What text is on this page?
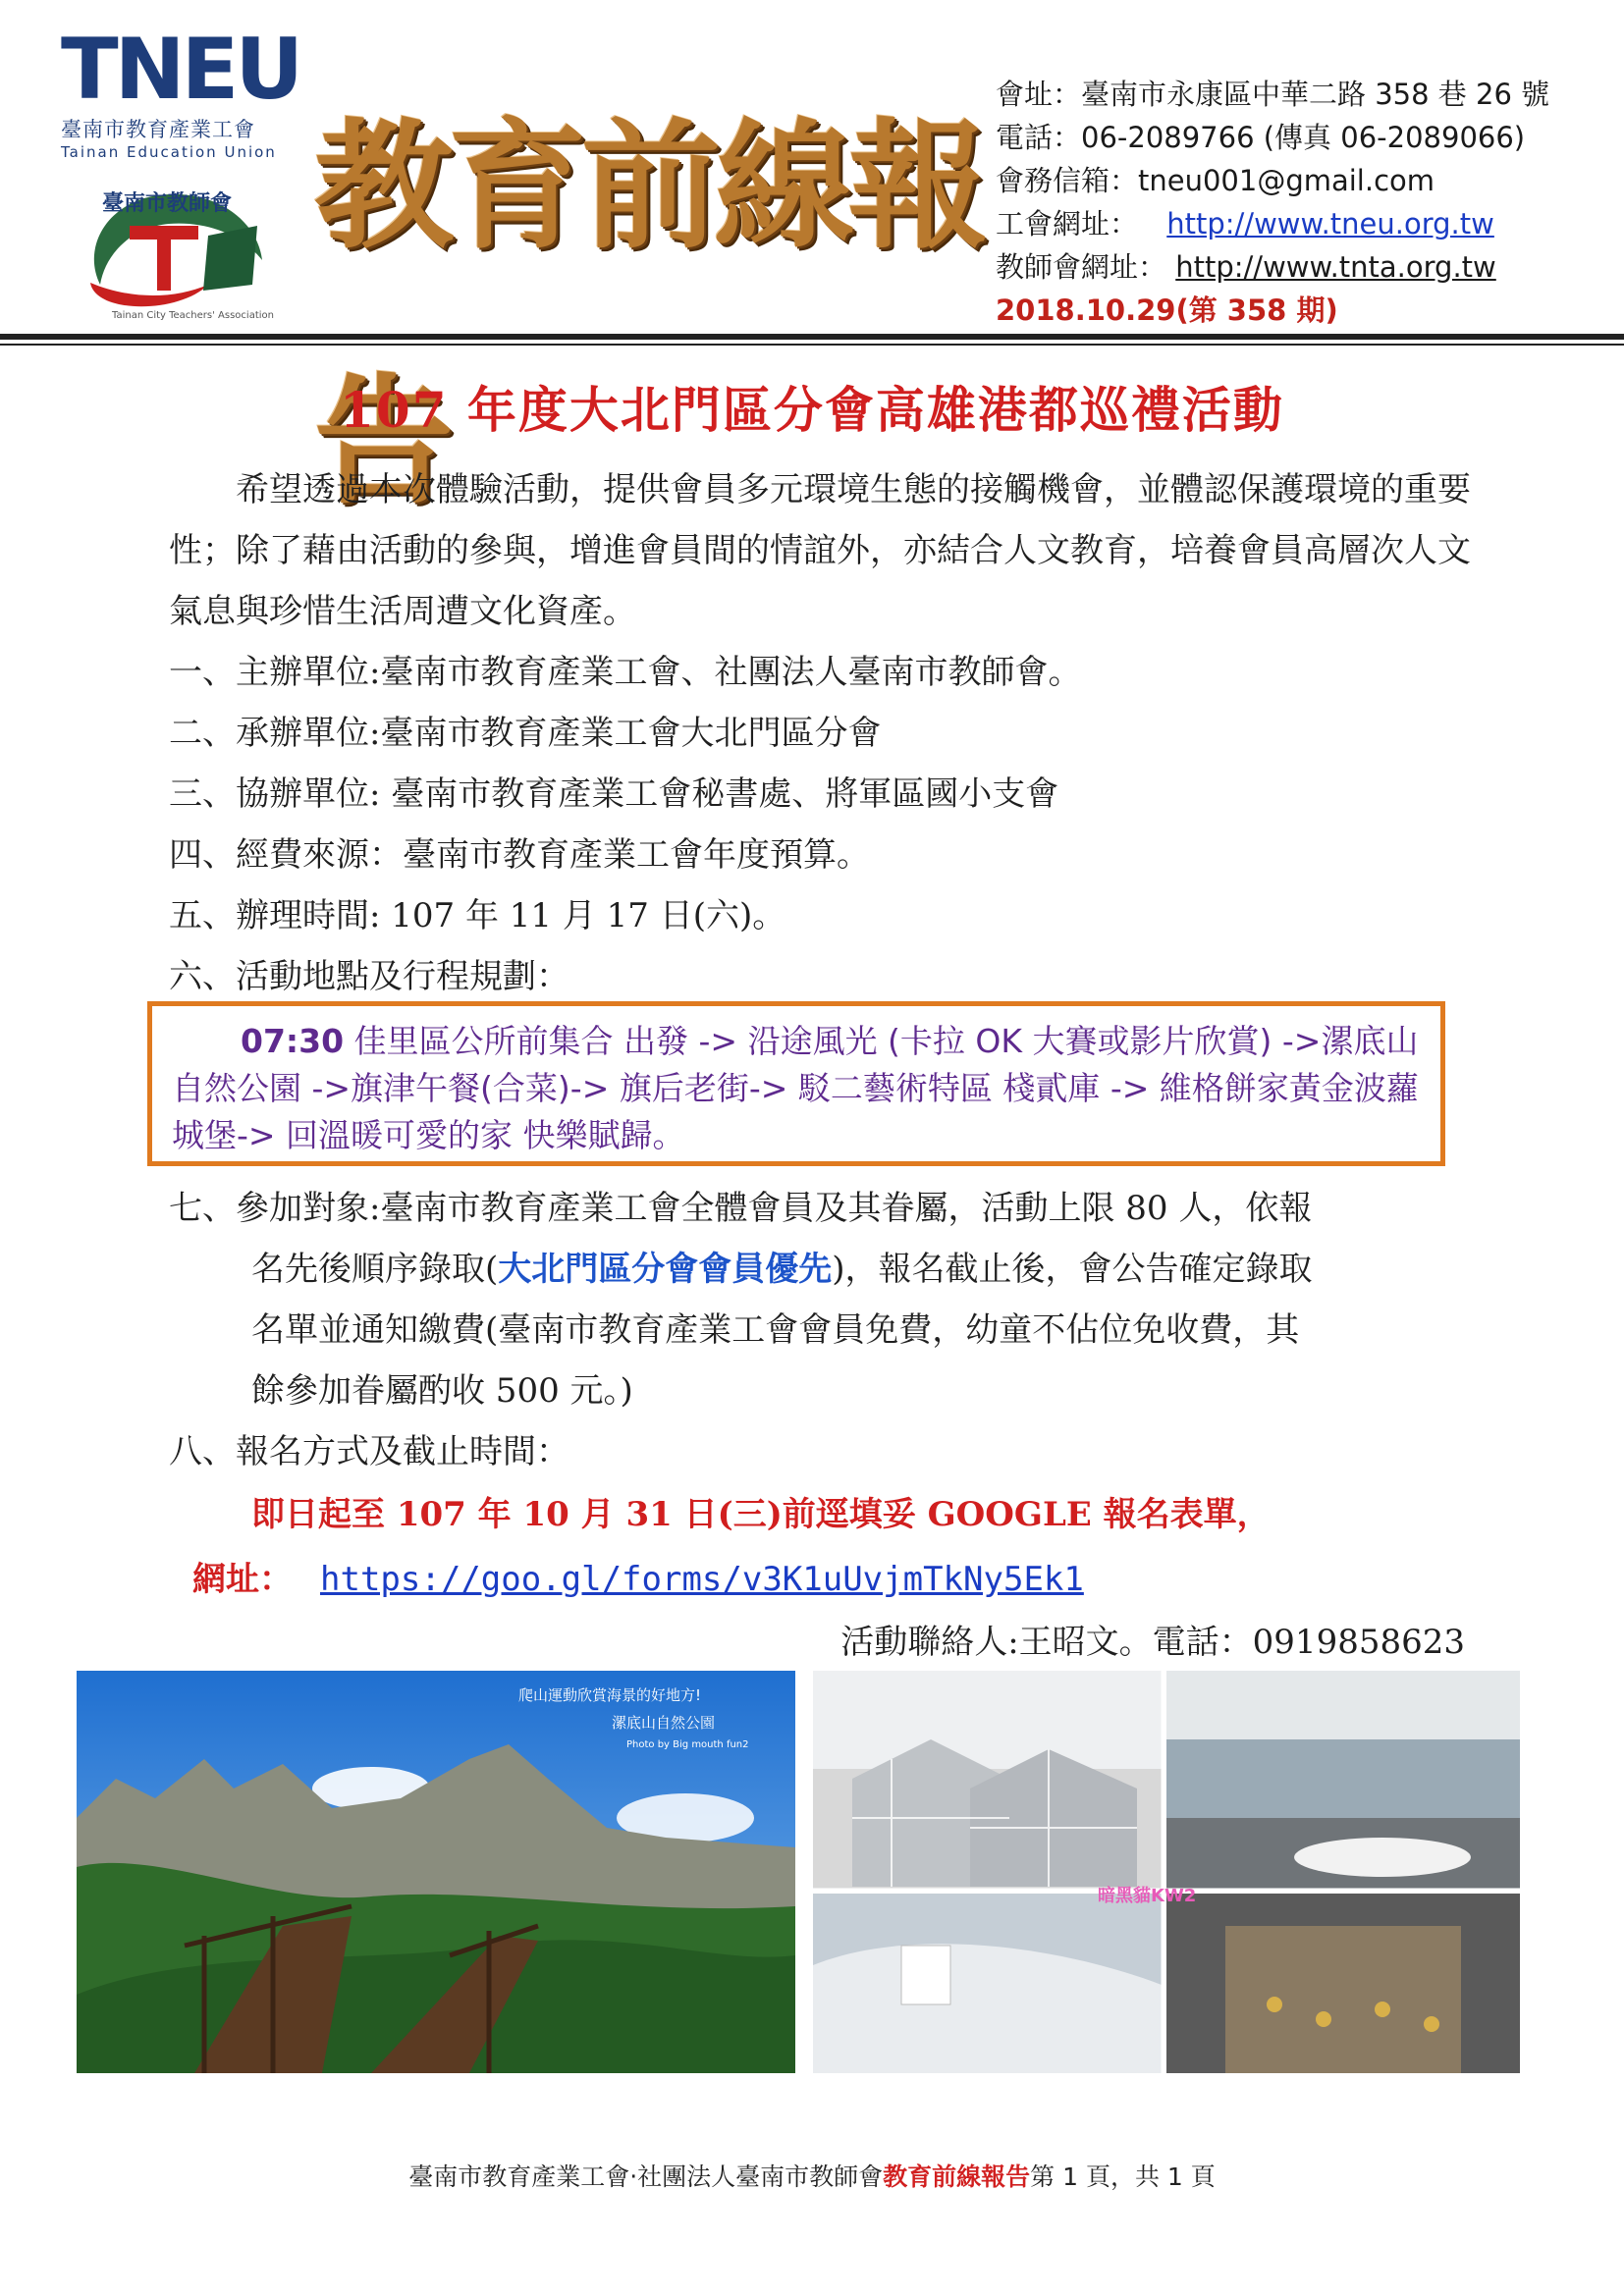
TNEU
臺南市教育產業工會
Tainan Education Union
臺南市教師會
Tainan City Teachers' Association
教育前線報告
會址：臺南市永康區中華二路 358 巷 26 號
電話：06-2089766 (傳真 06-2089066)
會務信箱：tneu001@gmail.com
工會網址： http://www.tneu.org.tw
教師會網址： http://www.tnta.org.tw
2018.10.29(第 358 期)
107 年度大北門區分會高雄港都巡禮活動

希望透過本次體驗活動，提供會員多元環境生態的接觸機會，並體認保護環境的重要性；除了藉由活動的參與，增進會員間的情誼外，亦結合人文教育，培養會員高層次人文氣息與珍惜生活周遭文化資產。

一、主辦單位:臺南市教育產業工會、社團法人臺南市教師會。
二、承辦單位:臺南市教育產業工會大北門區分會
三、協辦單位: 臺南市教育產業工會秘書處、將軍區國小支會
四、經費來源：臺南市教育產業工會年度預算。
五、辦理時間: 107 年 11 月 17 日(六)。
六、活動地點及行程規劃：
07:30 佳里區公所前集合 出發 -> 沿途風光 (卡拉 OK 大賽或影片欣賞) ->漯底山自然公園 ->旗津午餐(合菜)-> 旗后老街-> 駁二藝術特區 棧貳庫 -> 維格餅家黃金波蘿城堡-> 回溫暖可愛的家 快樂賦歸。
七、參加對象:臺南市教育產業工會全體會員及其眷屬，活動上限 80 人，依報
名先後順序錄取(大北門區分會會員優先)，報名截止後，會公告確定錄取
名單並通知繳費(臺南市教育產業工會會員免費，幼童不佔位免收費，其
餘參加眷屬酌收 500 元。)
八、報名方式及截止時間：
即日起至 107 年 10 月 31 日(三)前逕填妥 GOOGLE 報名表單，
網址： https://goo.gl/forms/v3K1uUvjmTkNy5Ek1
活動聯絡人:王昭文。電話：0919858623
爬山運動欣賞海景的好地方!
漯底山自然公園
Photo by Big mouth fun2
暗黑貓KW2
臺南市教育產業工會‧社團法人臺南市教師會教育前線報告第 1 頁，共 1 頁
